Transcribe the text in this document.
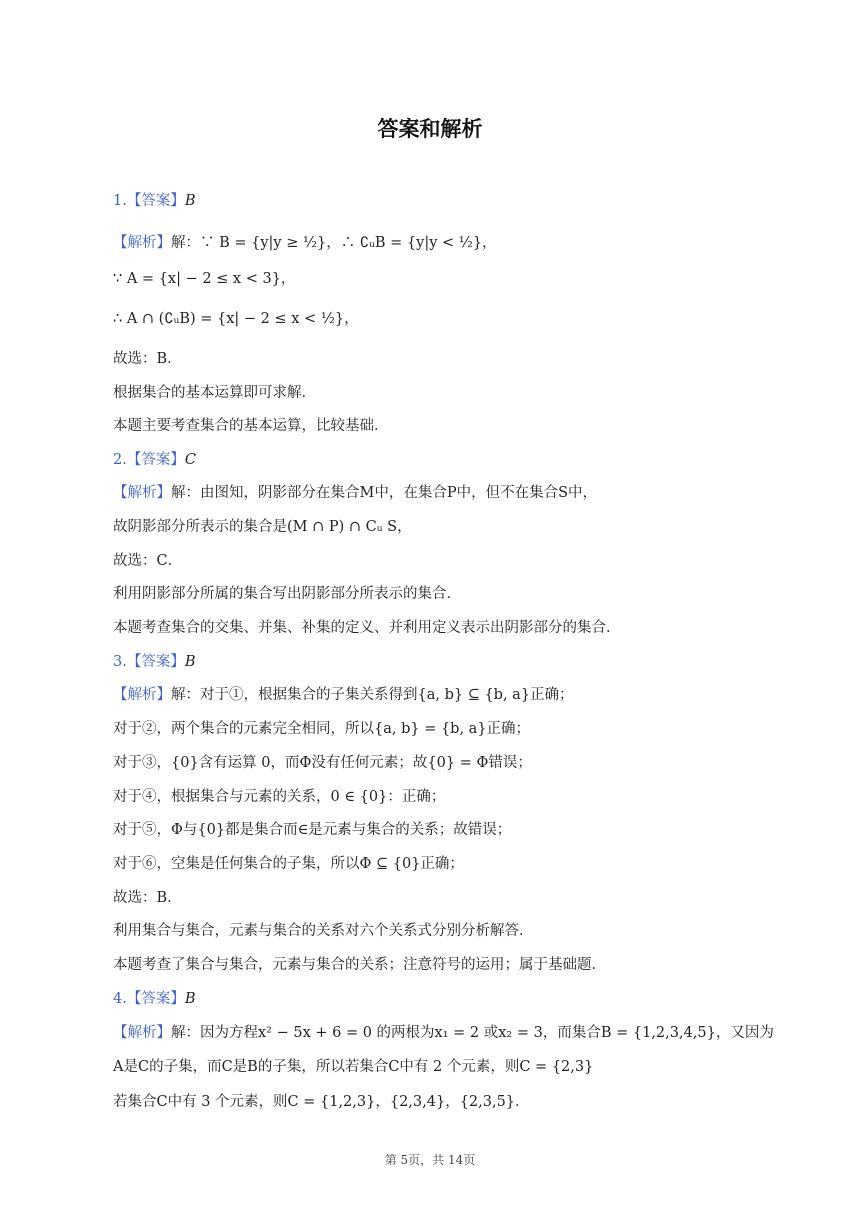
答案和解析
1.【答案】B
【解析】解：∵ B = {y|y ≥ ½}，∴ ∁ᵤB = {y|y < ½}，
∵ A = {x| − 2 ≤ x < 3}，
∴ A ∩ (∁ᵤB) = {x| − 2 ≤ x < ½}，
故选：B．
根据集合的基本运算即可求解．
本题主要考查集合的基本运算，比较基础．
2.【答案】C
【解析】解：由图知，阴影部分在集合M中，在集合P中，但不在集合S中，
故阴影部分所表示的集合是(M ∩ P) ∩ Cᵤ S，
故选：C．
利用阴影部分所属的集合写出阴影部分所表示的集合．
本题考查集合的交集、并集、补集的定义、并利用定义表示出阴影部分的集合．
3.【答案】B
【解析】解：对于①，根据集合的子集关系得到{a, b} ⊆ {b, a}正确；
对于②，两个集合的元素完全相同，所以{a, b} = {b, a}正确；
对于③，{0}含有运算 0，而Φ没有任何元素；故{0} = Φ错误；
对于④，根据集合与元素的关系，0 ∈ {0}：正确；
对于⑤，Φ与{0}都是集合而∈是元素与集合的关系；故错误；
对于⑥，空集是任何集合的子集，所以Φ ⊆ {0}正确；
故选：B．
利用集合与集合，元素与集合的关系对六个关系式分别分析解答．
本题考查了集合与集合，元素与集合的关系；注意符号的运用；属于基础题．
4.【答案】B
【解析】解：因为方程x² − 5x + 6 = 0 的两根为x₁ = 2 或x₂ = 3，而集合B = {1,2,3,4,5}，又因为
A是C的子集，而C是B的子集，所以若集合C中有 2 个元素，则C = {2,3}
若集合C中有 3 个元素，则C = {1,2,3}，{2,3,4}，{2,3,5}．
第 5页，共 14页
